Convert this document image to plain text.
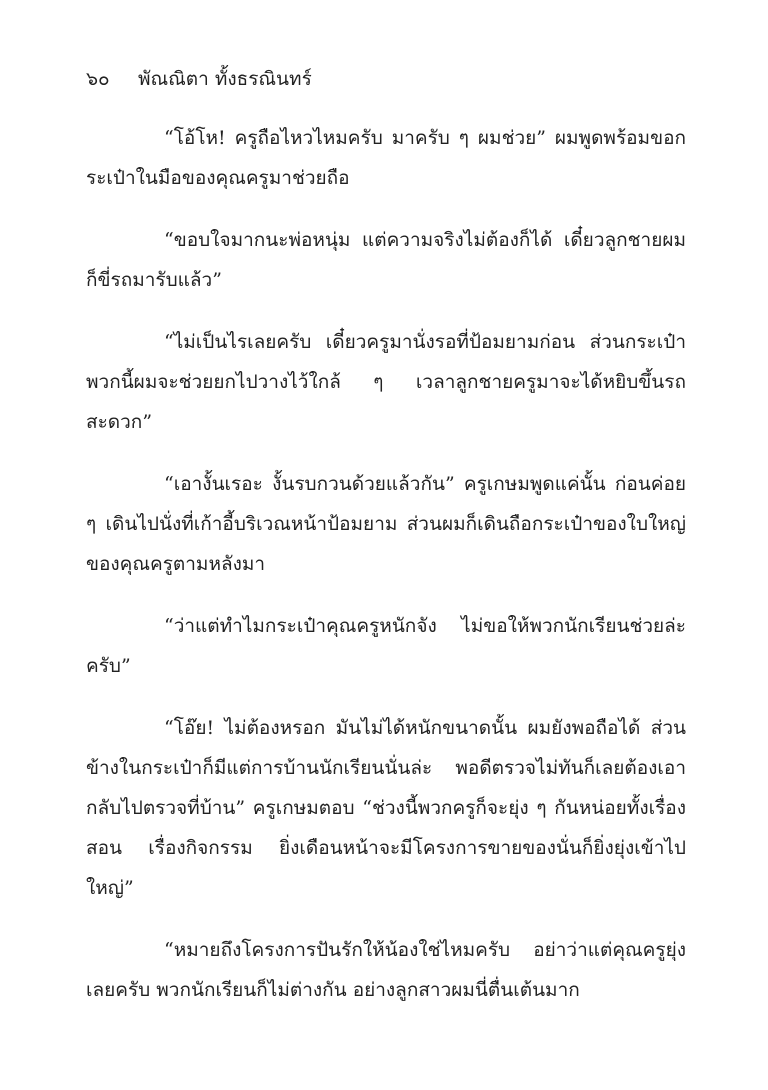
๖๐ พัณณิตา ทั้งธรณินทร์

“โอ้โห! ครูถือไหวไหมครับ มาครับ ๆ ผมช่วย” ผมพูดพร้อมขอกระเป๋าในมือของคุณครูมาช่วยถือ

“ขอบใจมากนะพ่อหนุ่ม แต่ความจริงไม่ต้องก็ได้ เดี๋ยวลูกชายผมก็ขี่รถมารับแล้ว”

“ไม่เป็นไรเลยครับ เดี๋ยวครูมานั่งรอที่ป้อมยามก่อน ส่วนกระเป๋าพวกนี้ผมจะช่วยยกไปวางไว้ใกล้ ๆ เวลาลูกชายครูมาจะได้หยิบขึ้นรถสะดวก”

“เอางั้นเรอะ งั้นรบกวนด้วยแล้วกัน” ครูเกษมพูดแค่นั้น ก่อนค่อย ๆ เดินไปนั่งที่เก้าอี้บริเวณหน้าป้อมยาม ส่วนผมก็เดินถือกระเป๋าของใบใหญ่ของคุณครูตามหลังมา

“ว่าแต่ทำไมกระเป๋าคุณครูหนักจัง ไม่ขอให้พวกนักเรียนช่วยล่ะครับ”

“โอ๊ย! ไม่ต้องหรอก มันไม่ได้หนักขนาดนั้น ผมยังพอถือได้ ส่วนข้างในกระเป๋าก็มีแต่การบ้านนักเรียนนั่นล่ะ พอดีตรวจไม่ทันก็เลยต้องเอากลับไปตรวจที่บ้าน” ครูเกษมตอบ “ช่วงนี้พวกครูก็จะยุ่ง ๆ กันหน่อยทั้งเรื่องสอน เรื่องกิจกรรม ยิ่งเดือนหน้าจะมีโครงการขายของนั่นก็ยิ่งยุ่งเข้าไปใหญ่”

“หมายถึงโครงการปันรักให้น้องใช่ไหมครับ อย่าว่าแต่คุณครูยุ่งเลยครับ พวกนักเรียนก็ไม่ต่างกัน อย่างลูกสาวผมนี่ตื่นเต้นมาก
